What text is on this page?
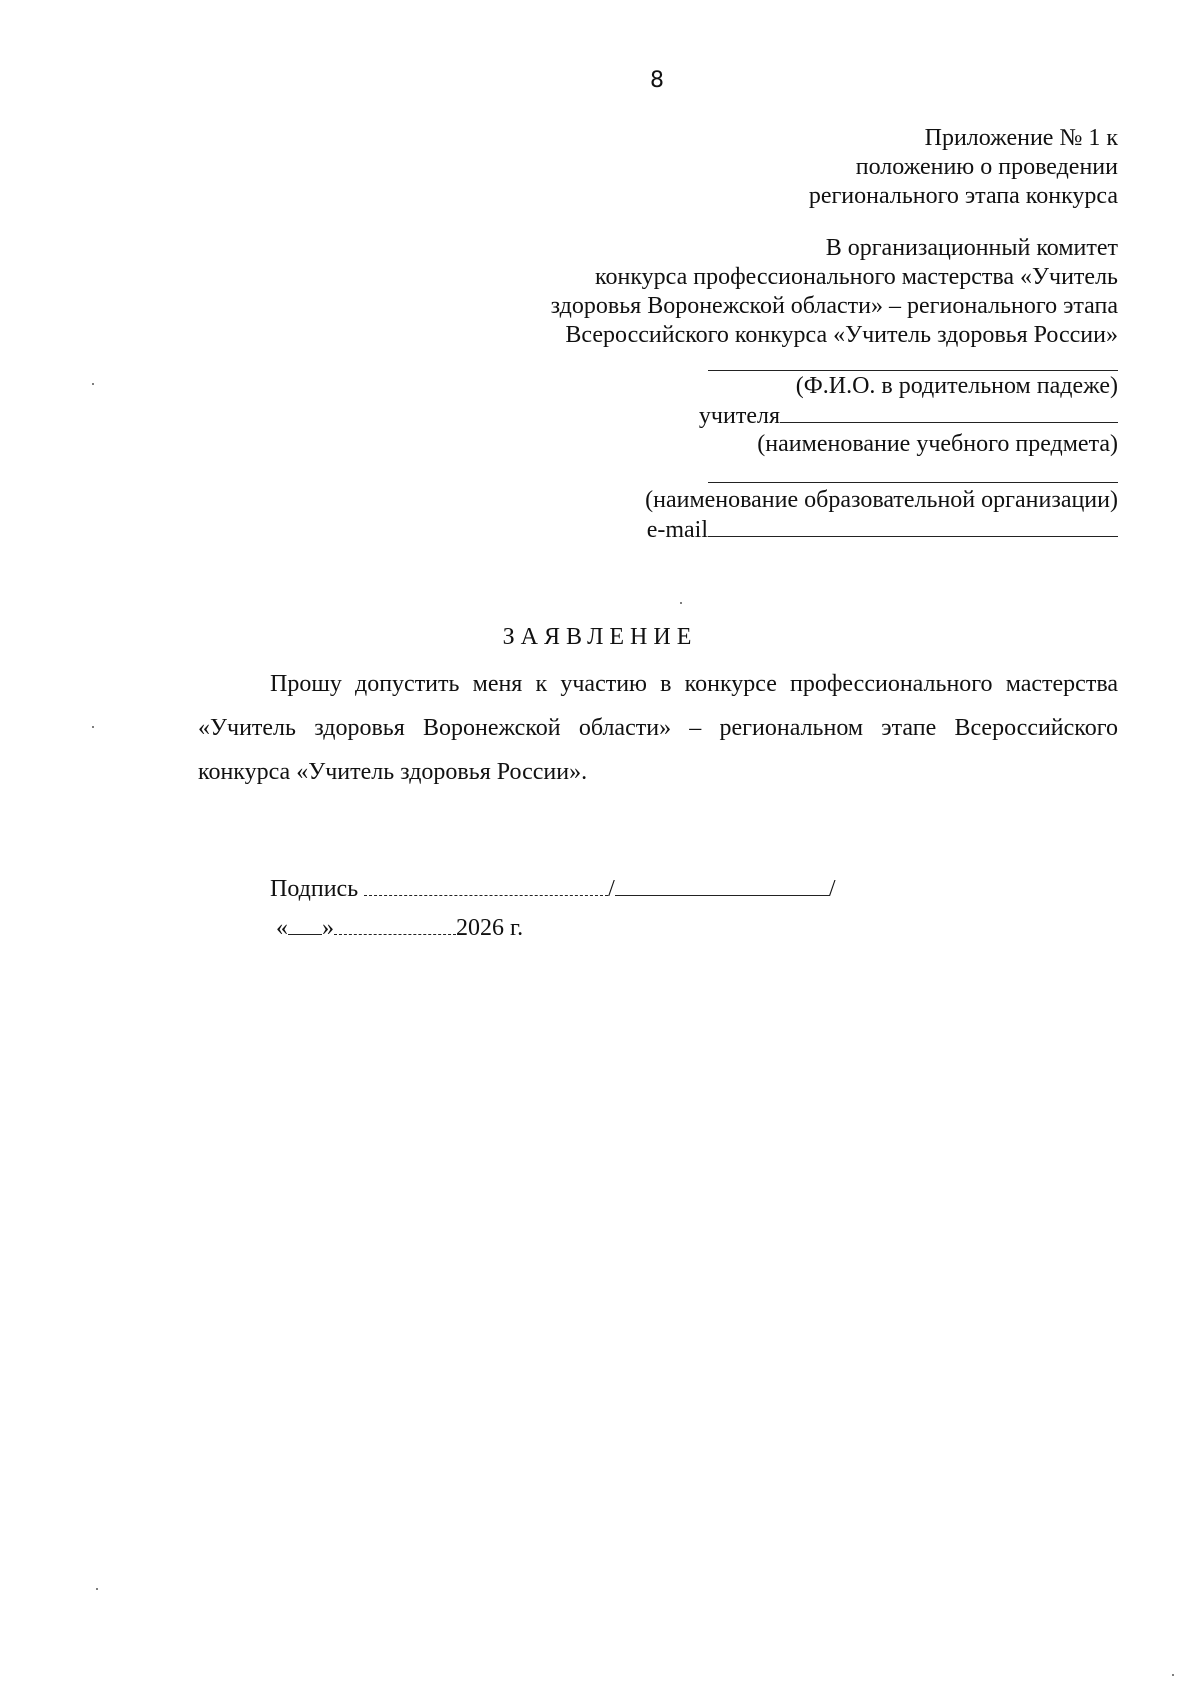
8
Приложение № 1 к
положению о проведении
регионального этапа конкурса
В организационный комитет
конкурса профессионального мастерства «Учитель
здоровья Воронежской области» – регионального этапа
Всероссийского конкурса «Учитель здоровья России»
(Ф.И.О. в родительном падеже)
учителя
(наименование учебного предмета)
(наименование образовательной организации)
e-mail
ЗАЯВЛЕНИЕ
Прошу допустить меня к участию в конкурсе профессионального мастерства «Учитель здоровья Воронежской области» – региональном этапе Всероссийского конкурса «Учитель здоровья России».
Подпись	/	/
« »	2026 г.
